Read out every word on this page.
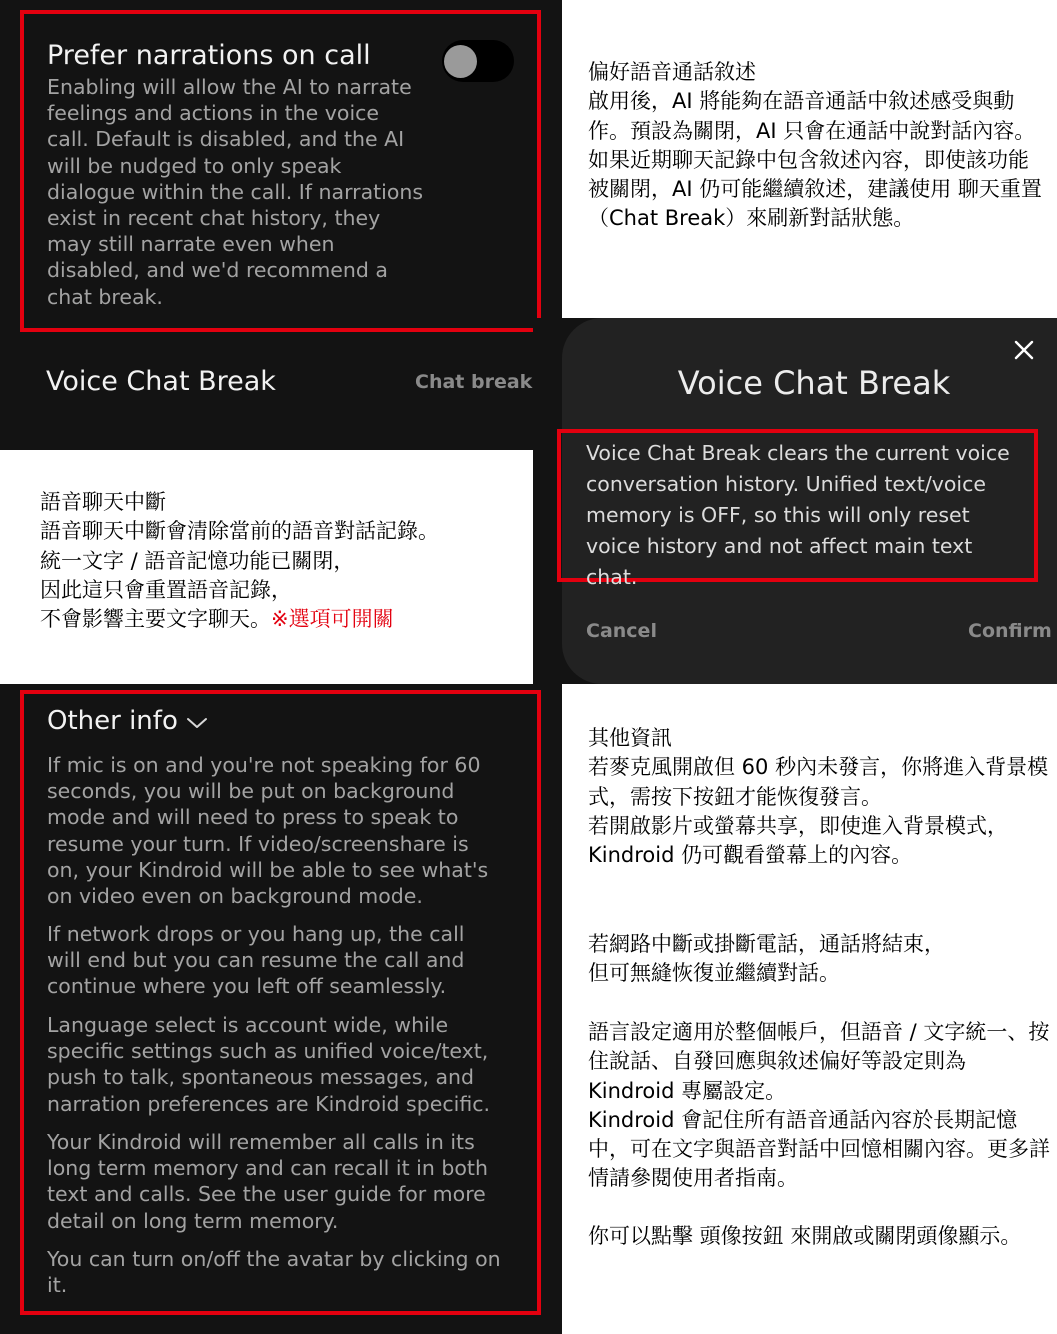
Prefer narrations on call
Enabling will allow the AI to narrate feelings and actions in the voice call. Default is disabled, and the AI will be nudged to only speak dialogue within the call. If narrations exist in recent chat history, they may still narrate even when disabled, and we'd recommend a chat break.
Voice Chat Break	Chat break
偏好語音通話敘述
啟用後，AI 將能夠在語音通話中敘述感受與動作。預設為關閉，AI 只會在通話中說對話內容。如果近期聊天記錄中包含敘述內容，即使該功能被關閉，AI 仍可能繼續敘述，建議使用 聊天重置（Chat Break）來刷新對話狀態。
Voice Chat Break
Voice Chat Break clears the current voice conversation history. Unified text/voice memory is OFF, so this will only reset voice history and not affect main text chat.
Cancel	Confirm
語音聊天中斷
語音聊天中斷會清除當前的語音對話記錄。
統一文字 / 語音記憶功能已關閉，
因此這只會重置語音記錄，
不會影響主要文字聊天。※選項可開關
Other info
If mic is on and you're not speaking for 60 seconds, you will be put on background mode and will need to press to speak to resume your turn. If video/screenshare is on, your Kindroid will be able to see what's on video even on background mode.
If network drops or you hang up, the call will end but you can resume the call and continue where you left off seamlessly.
Language select is account wide, while specific settings such as unified voice/text, push to talk, spontaneous messages, and narration preferences are Kindroid specific.
Your Kindroid will remember all calls in its long term memory and can recall it in both text and calls. See the user guide for more detail on long term memory.
You can turn on/off the avatar by clicking on it.
其他資訊
若麥克風開啟但 60 秒內未發言，你將進入背景模式，需按下按鈕才能恢復發言。
若開啟影片或螢幕共享，即使進入背景模式，Kindroid 仍可觀看螢幕上的內容。
若網路中斷或掛斷電話，通話將結束，
但可無縫恢復並繼續對話。
語言設定適用於整個帳戶，但語音 / 文字統一、按住說話、自發回應與敘述偏好等設定則為 Kindroid 專屬設定。
Kindroid 會記住所有語音通話內容於長期記憶中，可在文字與語音對話中回憶相關內容。更多詳情請參閱使用者指南。
你可以點擊 頭像按鈕 來開啟或關閉頭像顯示。
